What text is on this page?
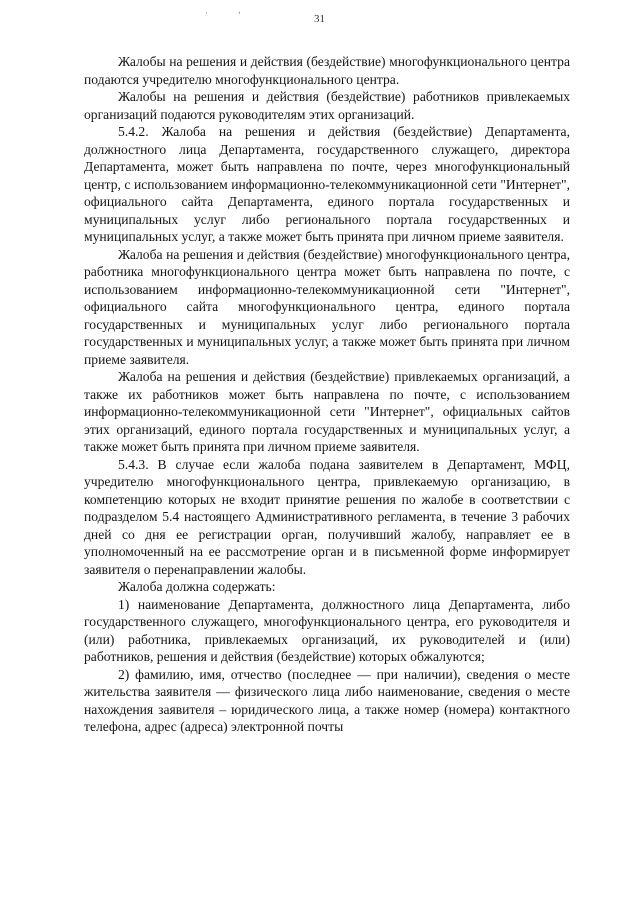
31
·	'

Жалобы на решения и действия (бездействие) многофункционального центра подаются учредителю многофункционального центра.

Жалобы на решения и действия (бездействие) работников привлекаемых организаций подаются руководителям этих организаций.

5.4.2. Жалоба на решения и действия (бездействие) Департамента, должностного лица Департамента, государственного служащего, директора Департамента, может быть направлена по почте, через многофункциональный центр, с использованием информационно-телекоммуникационной сети "Интернет", официального сайта Департамента, единого портала государственных и муниципальных услуг либо регионального портала государственных и муниципальных услуг, а также может быть принята при личном приеме заявителя.

Жалоба на решения и действия (бездействие) многофункционального центра, работника многофункционального центра может быть направлена по почте, с использованием информационно-телекоммуникационной сети "Интернет", официального сайта многофункционального центра, единого портала государственных и муниципальных услуг либо регионального портала государственных и муниципальных услуг, а также может быть принята при личном приеме заявителя.

Жалоба на решения и действия (бездействие) привлекаемых организаций, а также их работников может быть направлена по почте, с использованием информационно-телекоммуникационной сети "Интернет", официальных сайтов этих организаций, единого портала государственных и муниципальных услуг, а также может быть принята при личном приеме заявителя.

5.4.3. В случае если жалоба подана заявителем в Департамент, МФЦ, учредителю многофункционального центра, привлекаемую организацию, в компетенцию которых не входит принятие решения по жалобе в соответствии с подразделом 5.4 настоящего Административного регламента, в течение 3 рабочих дней со дня ее регистрации орган, получивший жалобу, направляет ее в уполномоченный на ее рассмотрение орган и в письменной форме информирует заявителя о перенаправлении жалобы.

Жалоба должна содержать:

1) наименование Департамента, должностного лица Департамента, либо государственного служащего, многофункционального центра, его руководителя и (или) работника, привлекаемых организаций, их руководителей и (или) работников, решения и действия (бездействие) которых обжалуются;

2) фамилию, имя, отчество (последнее — при наличии), сведения о месте жительства заявителя — физического лица либо наименование, сведения о месте нахождения заявителя – юридического лица, а также номер (номера) контактного телефона, адрес (адреса) электронной почты
